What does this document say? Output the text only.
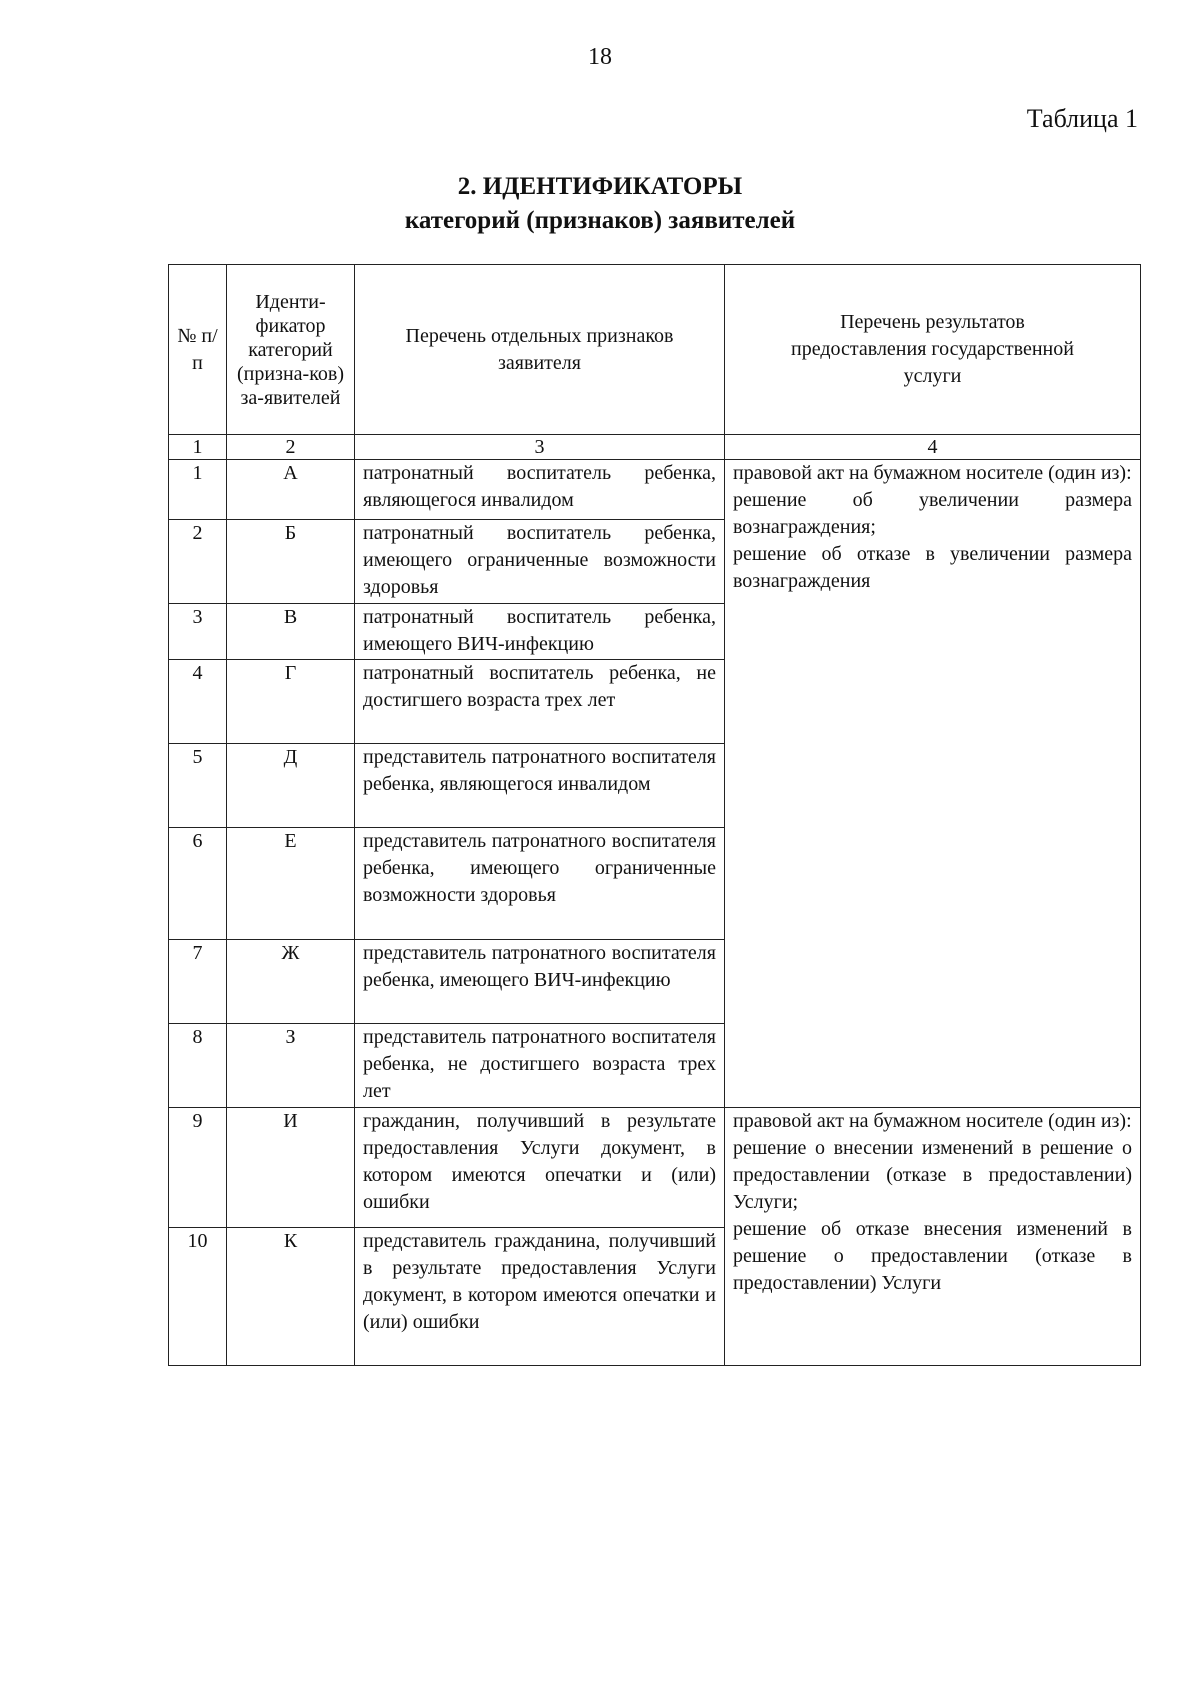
18
Таблица 1
2. ИДЕНТИФИКАТОРЫ
категорий (признаков) заявителей
№ п/п	Иденти-фикатор категорий (призна-ков) за-явителей	Перечень отдельных признаков заявителя	Перечень результатов предоставления государственной услуги
1	2	3	4
1	А	патронатный воспитатель ребенка, являющегося инвалидом	правовой акт на бумажном носителе (один из):
решение об увеличении размера вознаграждения;
решение об отказе в увеличении размера вознаграждения

2	Б	патронатный воспитатель ребенка, имеющего ограниченные возможности здоровья	
3	В	патронатный воспитатель ребенка, имеющего ВИЧ-инфекцию	
4	Г	патронатный воспитатель ребенка, не достигшего возраста трех лет	
5	Д	представитель патронатного воспитателя ребенка, являющегося инвалидом	
6	Е	представитель патронатного воспитателя ребенка, имеющего ограниченные возможности здоровья	
7	Ж	представитель патронатного воспитателя ребенка, имеющего ВИЧ-инфекцию	
8	З	представитель патронатного воспитателя ребенка, не достигшего возраста трех лет	
9	И	гражданин, получивший в результате предоставления Услуги документ, в котором имеются опечатки и (или) ошибки	правовой акт на бумажном носителе (один из):
решение о внесении изменений в решение о предоставлении (отказе в предоставлении) Услуги;
решение об отказе внесения изменений в решение о предоставлении (отказе в предоставлении) Услуги

10	К	представитель гражданина, получивший в результате предоставления Услуги документ, в котором имеются опечатки и (или) ошибки	
